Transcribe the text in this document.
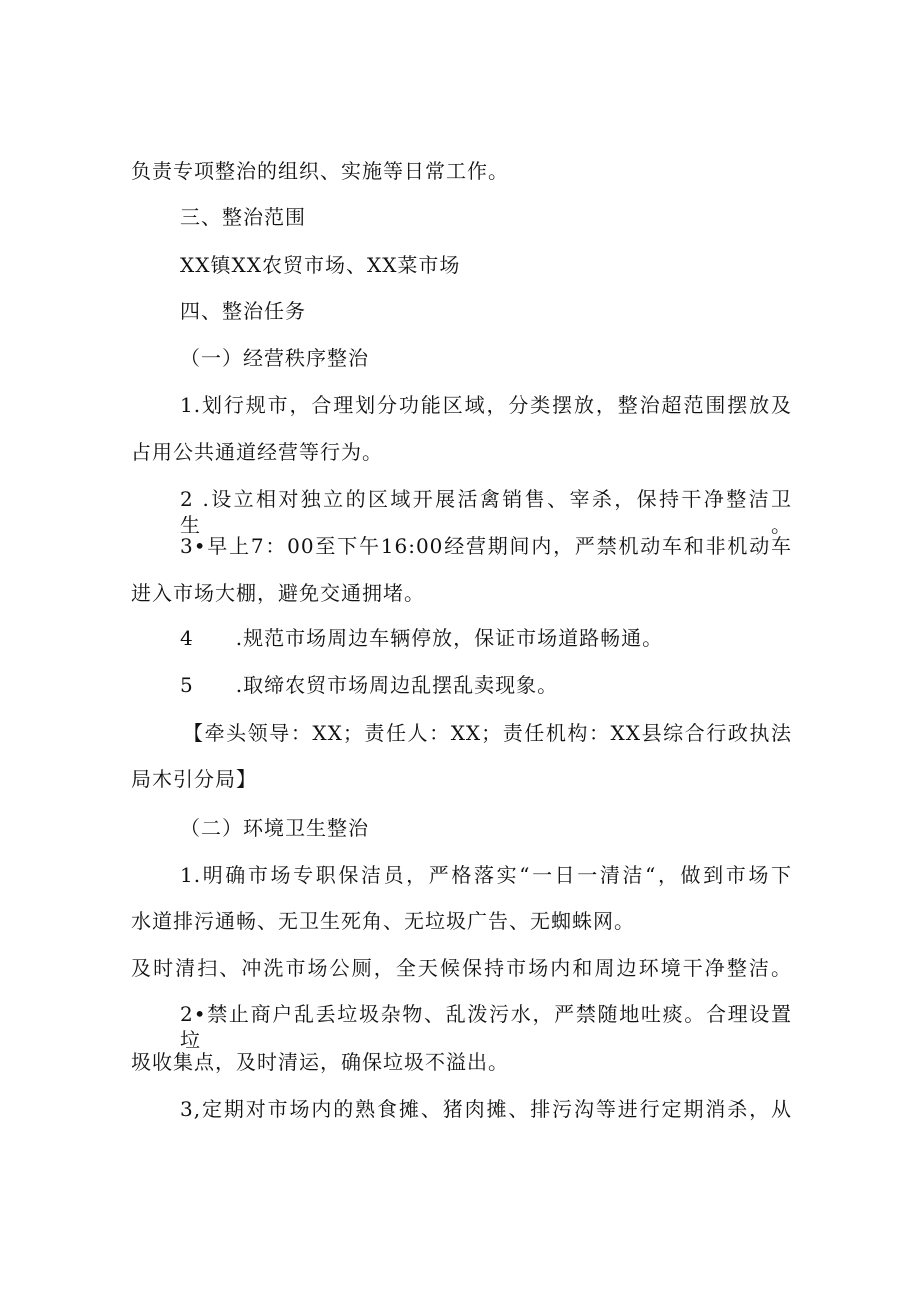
负责专项整治的组织、实施等日常工作。
三、整治范围
XX镇XX农贸市场、XX菜市场
四、整治任务
（一）经营秩序整治
1.划行规市，合理划分功能区域，分类摆放，整治超范围摆放及
占用公共通道经营等行为。
2 .设立相对独立的区域开展活禽销售、宰杀，保持干净整洁卫生。
3•早上7：00至下午16:00经营期间内，严禁机动车和非机动车
进入市场大棚，避免交通拥堵。
4　　.规范市场周边车辆停放，保证市场道路畅通。
5　　.取缔农贸市场周边乱摆乱卖现象。
【牵头领导：XX；责任人：XX；责任机构：XX县综合行政执法
局木引分局】
（二）环境卫生整治
1.明确市场专职保洁员，严格落实“一日一清洁“，做到市场下
水道排污通畅、无卫生死角、无垃圾广告、无蜘蛛网。
及时清扫、冲洗市场公厕，全天候保持市场内和周边环境干净整洁。
2•禁止商户乱丢垃圾杂物、乱泼污水，严禁随地吐痰。合理设置垃
圾收集点，及时清运，确保垃圾不溢出。
3,定期对市场内的熟食摊、猪肉摊、排污沟等进行定期消杀，从
